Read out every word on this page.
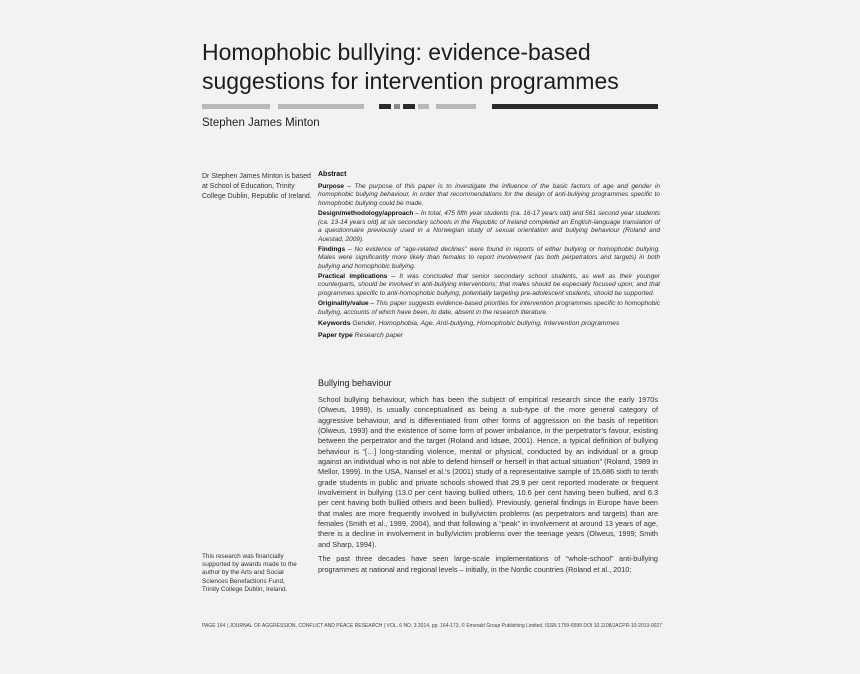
Homophobic bullying: evidence-based
suggestions for intervention programmes
Stephen James Minton
Dr Stephen James Minton is based at School of Education, Trinity College Dublin, Republic of Ireland.
Abstract

Purpose – The purpose of this paper is to investigate the influence of the basic factors of age and gender in homophobic bullying behaviour, in order that recommendations for the design of anti-bullying programmes specific to homophobic bullying could be made.

Design/methodology/approach – In total, 475 fifth year students (ca. 16-17 years old) and 561 second year students (ca. 13-14 years old) at six secondary schools in the Republic of Ireland completed an English-language translation of a questionnaire previously used in a Norwegian study of sexual orientation and bullying behaviour (Roland and Auestad, 2009).

Findings – No evidence of “age-related declines” were found in reports of either bullying or homophobic bullying. Males were significantly more likely than females to report involvement (as both perpetrators and targets) in both bullying and homophobic bullying.

Practical implications – It was concluded that senior secondary school students, as well as their younger counterparts, should be involved in anti-bullying interventions; that males should be especially focused upon; and that programmes specific to anti-homophobic bullying, potentially targeting pre-adolescent students, should be supported.

Originality/value – This paper suggests evidence-based priorities for intervention programmes specific to homophobic bullying, accounts of which have been, to date, absent in the research literature.

Keywords Gender, Homophobia, Age, Anti-bullying, Homophobic bullying, Intervention programmes

Paper type Research paper

Bullying behaviour

School bullying behaviour, which has been the subject of empirical research since the early 1970s (Olweus, 1999), is usually conceptualised as being a sub-type of the more general category of aggressive behaviour, and is differentiated from other forms of aggression on the basis of repetition (Olweus, 1993) and the existence of some form of power imbalance, in the perpetrator’s favour, existing between the perpetrator and the target (Roland and Idsøe, 2001). Hence, a typical definition of bullying behaviour is “[…] long-standing violence, mental or physical, conducted by an individual or a group against an individual who is not able to defend himself or herself in that actual situation” (Roland, 1989 in Mellor, 1999). In the USA, Nansel et al.’s (2001) study of a representative sample of 15,686 sixth to tenth grade students in public and private schools showed that 29.9 per cent reported moderate or frequent involvement in bullying (13.0 per cent having bullied others, 10.6 per cent having been bullied, and 6.3 per cent having both bullied others and been bullied). Previously, general findings in Europe have been that males are more frequently involved in bully/victim problems (as perpetrators and targets) than are females (Smith et al., 1999, 2004), and that following a “peak” in involvement at around 13 years of age, there is a decline in involvement in bully/victim problems over the teenage years (Olweus, 1999; Smith and Sharp, 1994).

The past three decades have seen large-scale implementations of “whole-school” anti-bullying programmes at national and regional levels – initially, in the Nordic countries (Roland et al., 2010;

This research was financially supported by awards made to the author by the Arts and Social Sciences Benefactions Fund, Trinity College Dublin, Ireland.
PAGE 164 | JOURNAL OF AGGRESSION, CONFLICT AND PEACE RESEARCH | VOL. 6 NO. 3 2014, pp. 164-173, © Emerald Group Publishing Limited, ISSN 1759-6599 DOI 10.1108/JACPR-10-2013-0027
